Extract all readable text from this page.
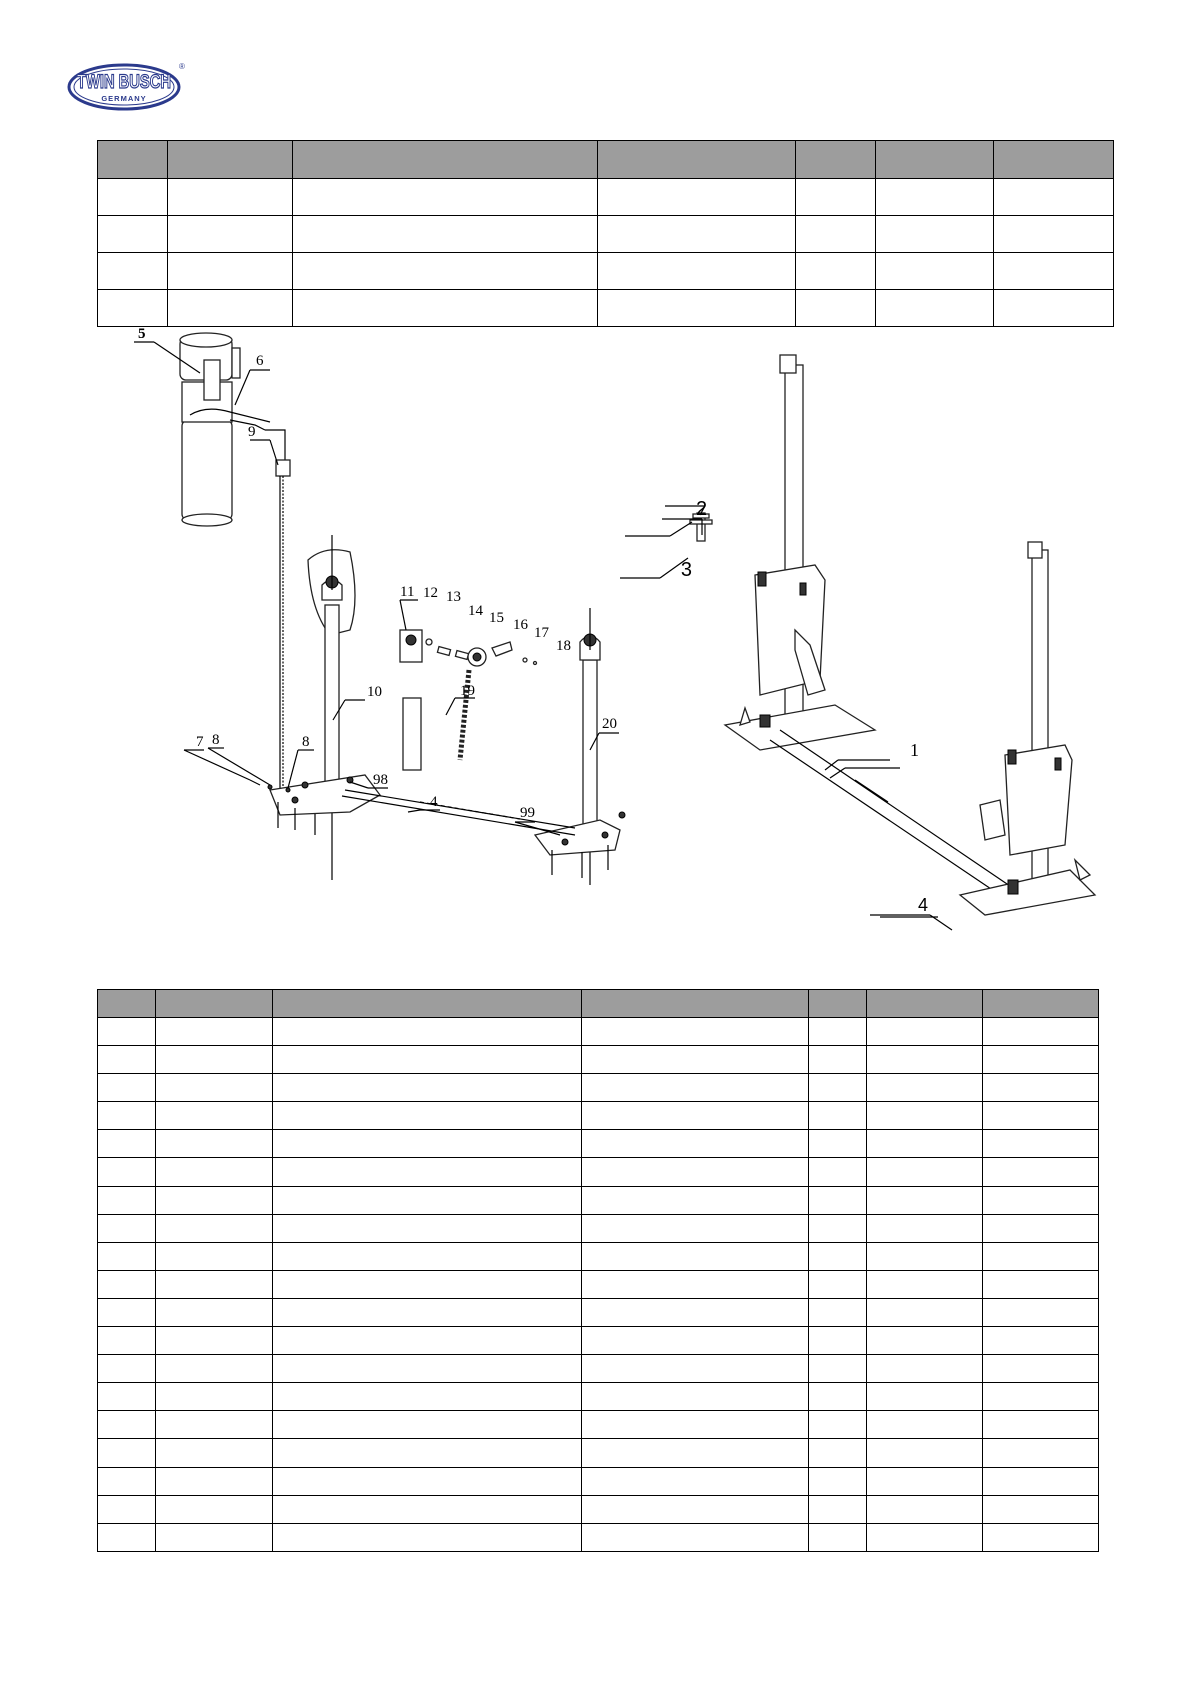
TWIN BUSCH
GERMANY
®

5
6
9
10
11 12 13
14 15 16 17
18
19
20
7 8	8
98
4
99
2
3
1
4
